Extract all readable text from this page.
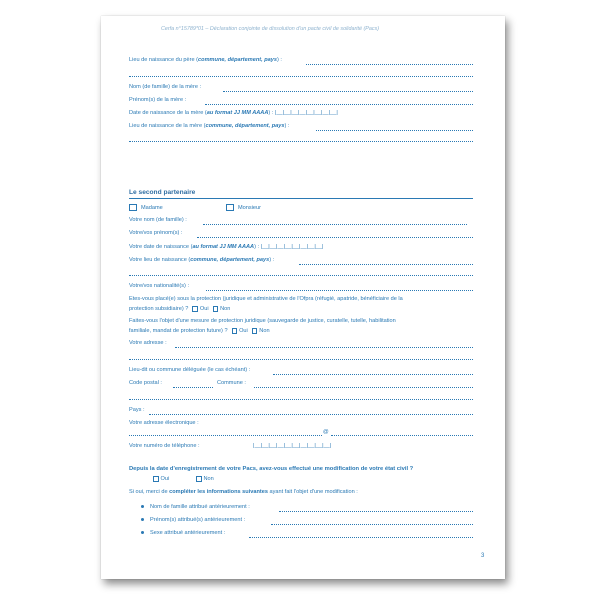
Cerfa n°15789*01 – Déclaration conjointe de dissolution d'un pacte civil de solidarité (Pacs)
Lieu de naissance du père (commune, département, pays) :
Nom (de famille) de la mère :
Prénom(s) de la mère :
Date de naissance de la mère (au format JJ MM AAAA) : |__|__|__|__|__|__|__|__|
Lieu de naissance de la mère (commune, département, pays) :
Le second partenaire
Madame	Monsieur
Votre nom (de famille) :
Votre/vos prénom(s) :
Votre date de naissance (au format JJ MM AAAA) : |__|__|__|__|__|__|__|__|
Votre lieu de naissance (commune, département, pays) :
Votre/vos nationalité(s) :
Etes-vous placé(e) sous la protection (juridique et administrative de l'Ofpra (réfugié, apatride, bénéficiaire de la
protection subsidiaire) ? Oui Non
Faites-vous l'objet d'une mesure de protection juridique (sauvegarde de justice, curatelle, tutelle, habilitation
familiale, mandat de protection future) ? Oui Non
Votre adresse :
Lieu-dit ou commune déléguée (le cas échéant) :
Code postal :	Commune :
Pays :
Votre adresse électronique :
@
Votre numéro de téléphone :	|__|__|__|__|__|__|__|__|__|__|
Depuis la date d'enregistrement de votre Pacs, avez-vous effectué une modification de votre état civil ?
Oui	Non
Si oui, merci de compléter les informations suivantes ayant fait l'objet d'une modification :
Nom de famille attribué antérieurement :
Prénom(s) attribué(s) antérieurement :
Sexe attribué antérieurement :
3
